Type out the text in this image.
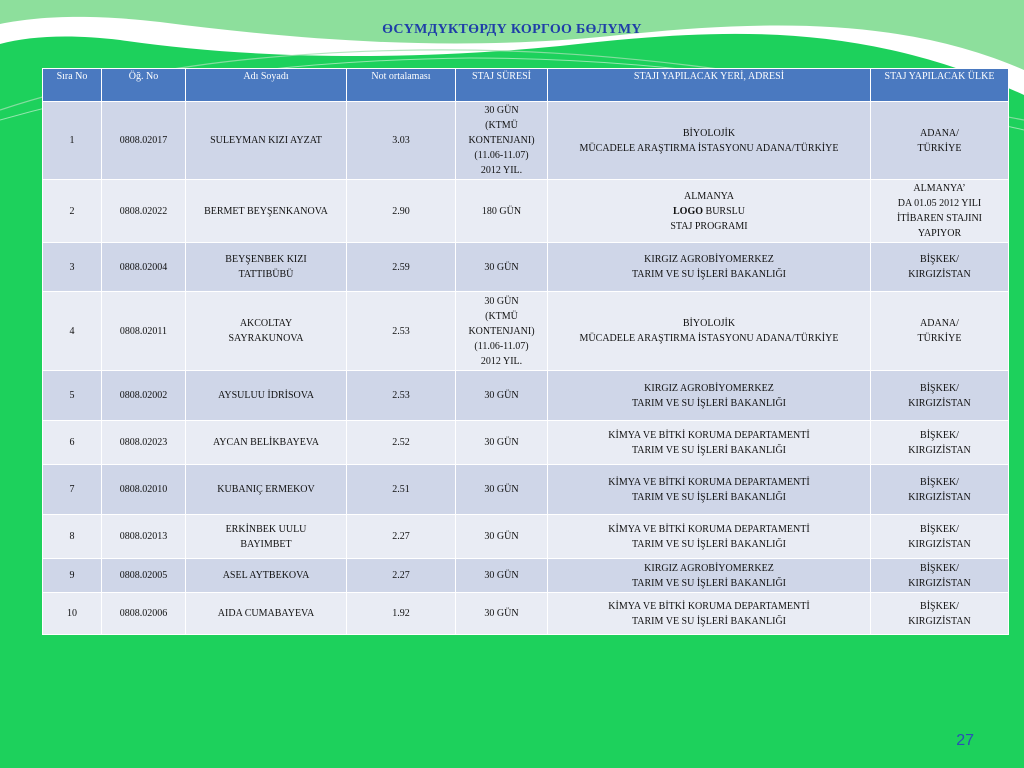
ӨСҮМДҮКТӨРДҮ КОРГОО БӨЛҮМҮ
Sıra No	Öğ. No	Adı Soyadı	Not ortalaması	STAJ SÜRESİ	STAJI YAPILACAK YERİ, ADRESİ	STAJ YAPILACAK ÜLKE
1	0808.02017	SULEYMAN KIZI AYZAT	3.03	30 GÜN
(KTMÜ
KONTENJANI)
(11.06-11.07)
2012 YIL.	BİYOLOJİK
MÜCADELE ARAŞTIRMA İSTASYONU ADANA/TÜRKİYE	ADANA/
TÜRKİYE
2	0808.02022	BERMET BEYŞENKANOVA	2.90	180 GÜN	ALMANYA
LOGO BURSLU
STAJ PROGRAMI	ALMANYA’
DA 01.05 2012 YILI
İTİBAREN STAJINI
YAPIYOR
3	0808.02004	BEYŞENBEK KIZI
TATTIBÜBÜ	2.59	30 GÜN	KIRGIZ AGROBİYOMERKEZ
TARIM VE SU İŞLERİ BAKANLIĞI	BİŞKEK/
KIRGIZİSTAN
4	0808.02011	AKCOLTAY
SAYRAKUNOVA	2.53	30 GÜN
(KTMÜ
KONTENJANI)
(11.06-11.07)
2012 YIL.	BİYOLOJİK
MÜCADELE ARAŞTIRMA İSTASYONU ADANA/TÜRKİYE	ADANA/
TÜRKİYE
5	0808.02002	AYSULUU İDRİSOVA	2.53	30 GÜN	KIRGIZ AGROBİYOMERKEZ
TARIM VE SU İŞLERİ BAKANLIĞI	BİŞKEK/
KIRGIZİSTAN
6	0808.02023	AYCAN BELİKBAYEVA	2.52	30 GÜN	KİMYA VE BİTKİ KORUMA DEPARTAMENTİ
TARIM VE SU İŞLERİ BAKANLIĞI	BİŞKEK/
KIRGIZİSTAN
7	0808.02010	KUBANIÇ ERMEKOV	2.51	30 GÜN	KİMYA VE BİTKİ KORUMA DEPARTAMENTİ
TARIM VE SU İŞLERİ BAKANLIĞI	BİŞKEK/
KIRGIZİSTAN
8	0808.02013	ERKİNBEK UULU
BAYIMBET	2.27	30 GÜN	KİMYA VE BİTKİ KORUMA DEPARTAMENTİ
TARIM VE SU İŞLERİ BAKANLIĞI	BİŞKEK/
KIRGIZİSTAN
9	0808.02005	ASEL AYTBEKOVA	2.27	30 GÜN	KIRGIZ AGROBİYOMERKEZ
TARIM VE SU İŞLERİ BAKANLIĞI	BİŞKEK/
KIRGIZİSTAN
10	0808.02006	AIDA CUMABAYEVA	1.92	30 GÜN	KİMYA VE BİTKİ KORUMA DEPARTAMENTİ
TARIM VE SU İŞLERİ BAKANLIĞI	BİŞKEK/
KIRGIZİSTAN
27
